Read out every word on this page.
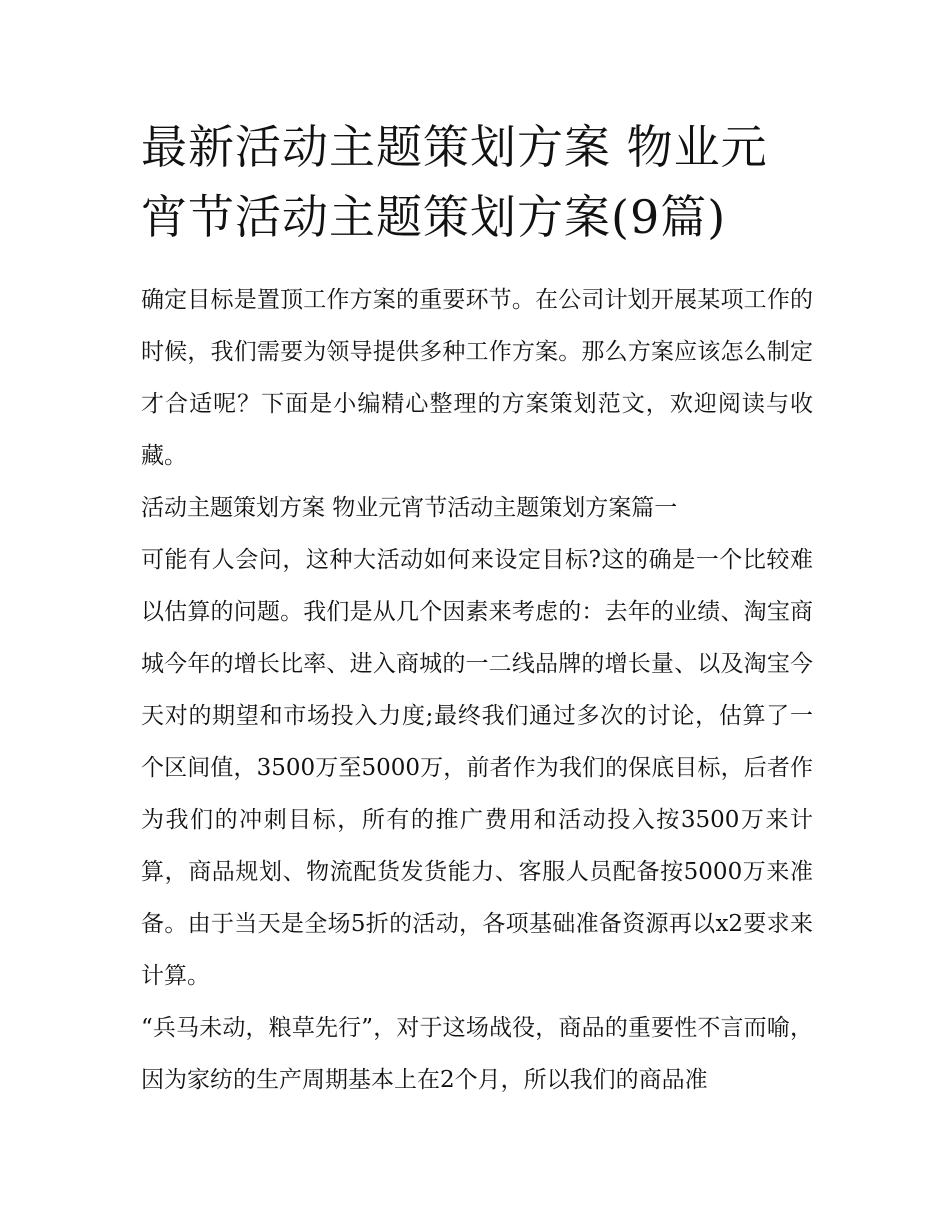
最新活动主题策划方案 物业元宵节活动主题策划方案(9篇)

确定目标是置顶工作方案的重要环节。在公司计划开展某项工作的时候，我们需要为领导提供多种工作方案。那么方案应该怎么制定才合适呢？下面是小编精心整理的方案策划范文，欢迎阅读与收藏。

活动主题策划方案 物业元宵节活动主题策划方案篇一

可能有人会问，这种大活动如何来设定目标?这的确是一个比较难以估算的问题。我们是从几个因素来考虑的：去年的业绩、淘宝商城今年的增长比率、进入商城的一二线品牌的增长量、以及淘宝今天对的期望和市场投入力度;最终我们通过多次的讨论，估算了一个区间值，3500万至5000万，前者作为我们的保底目标，后者作为我们的冲刺目标，所有的推广费用和活动投入按3500万来计算，商品规划、物流配货发货能力、客服人员配备按5000万来准备。由于当天是全场5折的活动，各项基础准备资源再以x2要求来计算。

“兵马未动，粮草先行”，对于这场战役，商品的重要性不言而喻，因为家纺的生产周期基本上在2个月，所以我们的商品准
